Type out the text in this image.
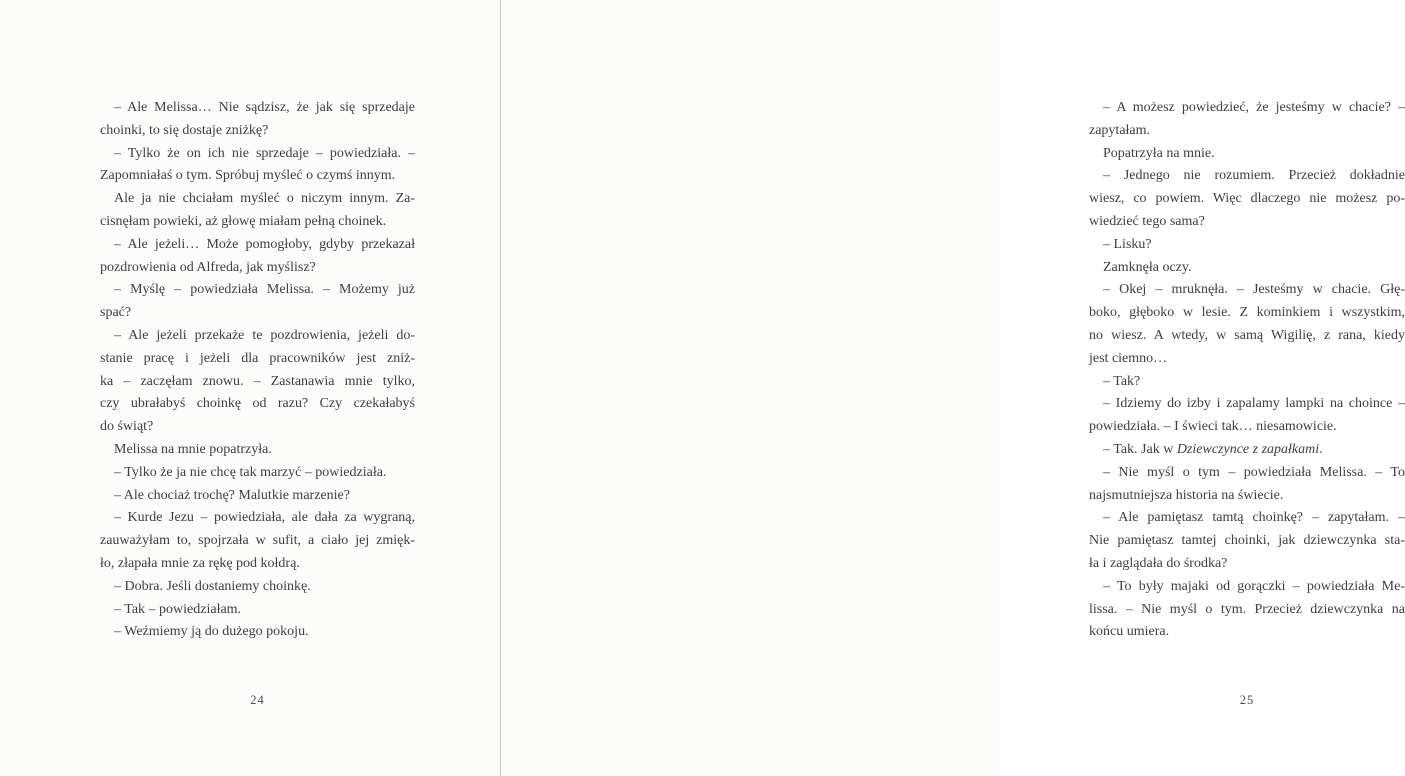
– Ale Melissa… Nie sądzisz, że jak się sprzedaje
choinki, to się dostaje zniżkę?
– Tylko że on ich nie sprzedaje – powiedziała. –
Zapomniałaś o tym. Spróbuj myśleć o czymś innym.
Ale ja nie chciałam myśleć o niczym innym. Za-
cisnęłam powieki, aż głowę miałam pełną choinek.
– Ale jeżeli… Może pomogłoby, gdyby przekazał
pozdrowienia od Alfreda, jak myślisz?
– Myślę – powiedziała Melissa. – Możemy już
spać?
– Ale jeżeli przekaże te pozdrowienia, jeżeli do-
stanie pracę i jeżeli dla pracowników jest zniż-
ka – zaczęłam znowu. – Zastanawia mnie tylko,
czy ubrałabyś choinkę od razu? Czy czekałabyś
do świąt?
Melissa na mnie popatrzyła.
– Tylko że ja nie chcę tak marzyć – powiedziała.
– Ale chociaż trochę? Malutkie marzenie?
– Kurde Jezu – powiedziała, ale dała za wygraną,
zauważyłam to, spojrzała w sufit, a ciało jej zmięk-
ło, złapała mnie za rękę pod kołdrą.
– Dobra. Jeśli dostaniemy choinkę.
– Tak – powiedziałam.
– Weźmiemy ją do dużego pokoju.
24
– A możesz powiedzieć, że jesteśmy w chacie? –
zapytałam.
Popatrzyła na mnie.
– Jednego nie rozumiem. Przecież dokładnie
wiesz, co powiem. Więc dlaczego nie możesz po-
wiedzieć tego sama?
– Lisku?
Zamknęła oczy.
– Okej – mruknęła. – Jesteśmy w chacie. Głę-
boko, głęboko w lesie. Z kominkiem i wszystkim,
no wiesz. A wtedy, w samą Wigilię, z rana, kiedy
jest ciemno…
– Tak?
– Idziemy do izby i zapalamy lampki na choince –
powiedziała. – I świeci tak… niesamowicie.
– Tak. Jak w Dziewczynce z zapałkami.
– Nie myśl o tym – powiedziała Melissa. – To
najsmutniejsza historia na świecie.
– Ale pamiętasz tamtą choinkę? – zapytałam. –
Nie pamiętasz tamtej choinki, jak dziewczynka sta-
ła i zaglądała do środka?
– To były majaki od gorączki – powiedziała Me-
lissa. – Nie myśl o tym. Przecież dziewczynka na
końcu umiera.
25
